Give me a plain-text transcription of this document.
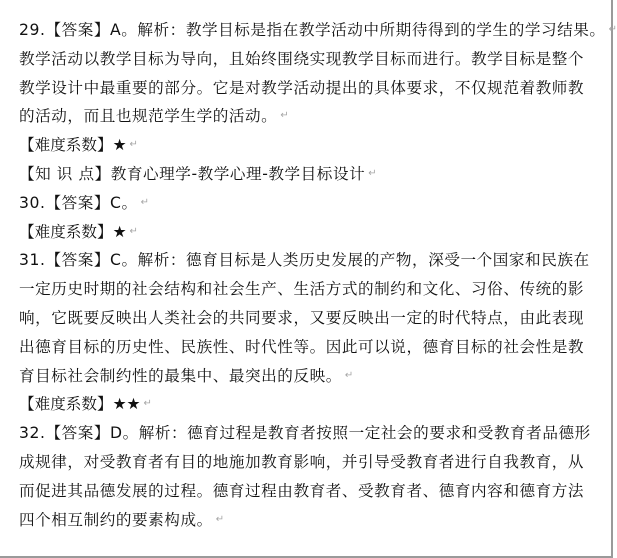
29.【答案】A。解析：教学目标是指在教学活动中所期待得到的学生的学习结果。 ↵
教学活动以教学目标为导向，且始终围绕实现教学目标而进行。教学目标是整个
教学设计中最重要的部分。它是对教学活动提出的具体要求，不仅规范着教师教
的活动，而且也规范学生学的活动。 ↵
【难度系数】★ ↵
【知 识 点】教育心理学-教学心理-教学目标设计 ↵
30.【答案】C。 ↵
【难度系数】★ ↵
31.【答案】C。解析：德育目标是人类历史发展的产物，深受一个国家和民族在
一定历史时期的社会结构和社会生产、生活方式的制约和文化、习俗、传统的影
响，它既要反映出人类社会的共同要求，又要反映出一定的时代特点，由此表现
出德育目标的历史性、民族性、时代性等。因此可以说，德育目标的社会性是教
育目标社会制约性的最集中、最突出的反映。 ↵
【难度系数】★★ ↵
32.【答案】D。解析：德育过程是教育者按照一定社会的要求和受教育者品德形
成规律，对受教育者有目的地施加教育影响，并引导受教育者进行自我教育，从
而促进其品德发展的过程。德育过程由教育者、受教育者、德育内容和德育方法
四个相互制约的要素构成。 ↵
